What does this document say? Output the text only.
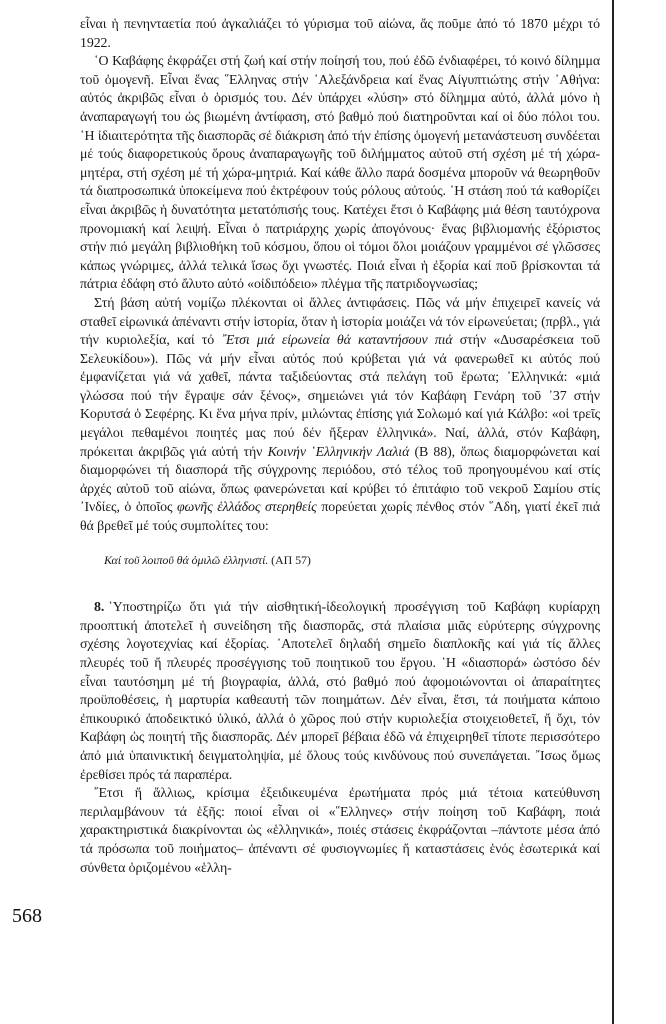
568

εἶναι ἡ πενηνταετία πού ἀγκαλιάζει τό γύρισμα τοῦ αἰώνα, ἄς ποῦμε ἀπό τό 1870 μέχρι τό 1922.

῾Ο Καβάφης ἐκφράζει στή ζωή καί στήν ποίησή του, πού ἐδῶ ἐνδιαφέρει, τό κοινό δίλημμα τοῦ ὁμογενῆ. Εἶναι ἕνας ῞Ελληνας στήν ᾿Αλεξάνδρεια καί ἕνας Αἰγυπτιώτης στήν ᾿Αθήνα: αὐτός ἀκριβῶς εἶναι ὁ ὁρισμός του. Δέν ὑπάρχει «λύση» στό δίλημμα αὐτό, ἀλλά μόνο ἡ ἀναπαραγωγή του ὡς βιωμένη ἀντίφαση, στό βαθμό πού διατηροῦνται καί οἱ δύο πόλοι του. ῾Η ἰδιαιτερότητα τῆς διασπορᾶς σέ διάκριση ἀπό τήν ἐπίσης ὁμογενή μετανάστευση συνδέεται μέ τούς διαφορετικούς ὅρους ἀναπαραγωγῆς τοῦ διλήμματος αὐτοῦ στή σχέση μέ τή χώρα-μητέρα, στή σχέση μέ τή χώρα-μητριά. Καί κάθε ἄλλο παρά δοσμένα μποροῦν νά θεωρηθοῦν τά διαπροσωπικά ὑποκείμενα πού ἐκτρέφουν τούς ρόλους αὐτούς. ῾Η στάση πού τά καθορίζει εἶναι ἀκριβῶς ἡ δυνατότητα μετατόπισής τους. Κατέχει ἔτσι ὁ Καβάφης μιά θέση ταυτόχρονα προνομιακή καί λειψή. Εἶναι ὁ πατριάρχης χωρίς ἀπογόνους· ἕνας βιβλιομανής ἐξόριστος στήν πιό μεγάλη βιβλιοθήκη τοῦ κόσμου, ὅπου οἱ τόμοι ὅλοι μοιάζουν γραμμένοι σέ γλῶσσες κάπως γνώριμες, ἀλλά τελικά ἴσως ὄχι γνωστές. Ποιά εἶναι ἡ ἐξορία καί ποῦ βρίσκονται τά πάτρια ἐδάφη στό ἄλυτο αὐτό «οἰδιπόδειο» πλέγμα τῆς πατριδογνωσίας;

Στή βάση αὐτή νομίζω πλέκονται οἱ ἄλλες ἀντιφάσεις. Πῶς νά μήν ἐπιχειρεῖ κανείς νά σταθεῖ εἰρωνικά ἀπέναντι στήν ἱστορία, ὅταν ἡ ἱστορία μοιάζει νά τόν εἰρωνεύεται; (πρβλ., γιά τήν κυριολεξία, καί τό ῎Ετσι μιά εἰρωνεία θά καταντήσουν πιά στήν «Δυσαρέσκεια τοῦ Σελευκίδου»). Πῶς νά μήν εἶναι αὐτός πού κρύβεται γιά νά φανερωθεῖ κι αὐτός πού ἐμφανίζεται γιά νά χαθεῖ, πάντα ταξιδεύοντας στά πελάγη τοῦ ἔρωτα; ᾿Ελληνικά: «μιά γλώσσα πού τήν ἔγραψε σάν ξένος», σημειώνει γιά τόν Καβάφη Γενάρη τοῦ ᾿37 στήν Κορυτσά ὁ Σεφέρης. Κι ἕνα μήνα πρίν, μιλώντας ἐπίσης γιά Σολωμό καί γιά Κάλβο: «οἱ τρεῖς μεγάλοι πεθαμένοι ποιητές μας πού δέν ἤξεραν ἑλληνικά». Ναί, ἀλλά, στόν Καβάφη, πρόκειται ἀκριβῶς γιά αὐτή τήν Κοινήν ῾Ελληνικήν Λαλιά (Β 88), ὅπως διαμορφώνεται καί διαμορφώνει τή διασπορά τῆς σύγχρονης περιόδου, στό τέλος τοῦ προηγουμένου καί στίς ἀρχές αὐτοῦ τοῦ αἰώνα, ὅπως φανερώνεται καί κρύβει τό ἐπιτάφιο τοῦ νεκροῦ Σαμίου στίς ᾿Ινδίες, ὁ ὁποῖος φωνῆς ἑλλάδος στερηθείς πορεύεται χωρίς πένθος στόν ῞Αδη, γιατί ἐκεῖ πιά θά βρεθεῖ μέ τούς συμπολίτες του:

Καί τοῦ λοιποῦ θά ὁμιλῶ ἑλληνιστί. (ΑΠ 57)

8. ῾Υποστηρίζω ὅτι γιά τήν αἰσθητική-ἰδεολογική προσέγγιση τοῦ Καβάφη κυρίαρχη προοπτική ἀποτελεῖ ἡ συνείδηση τῆς διασπορᾶς, στά πλαίσια μιᾶς εὐρύτερης σύγχρονης σχέσης λογοτεχνίας καί ἐξορίας. ᾿Αποτελεῖ δηλαδή σημεῖο διαπλοκῆς καί γιά τίς ἄλλες πλευρές τοῦ ἤ πλευρές προσέγγισης τοῦ ποιητικοῦ του ἔργου. ῾Η «διασπορά» ὡστόσο δέν εἶναι ταυτόσημη μέ τή βιογραφία, ἀλλά, στό βαθμό πού ἀφομοιώνονται οἱ ἀπαραίτητες προϋποθέσεις, ἡ μαρτυρία καθεαυτή τῶν ποιημάτων. Δέν εἶναι, ἔτσι, τά ποιήματα κάποιο ἐπικουρικό ἀποδεικτικό ὑλικό, ἀλλά ὁ χῶρος πού στήν κυριολεξία στοιχειοθετεῖ, ἤ ὄχι, τόν Καβάφη ὡς ποιητή τῆς διασπορᾶς. Δέν μπορεῖ βέβαια ἐδῶ νά ἐπιχειρηθεῖ τίποτε περισσότερο ἀπό μιά ὑπαινικτική δειγματοληψία, μέ ὅλους τούς κινδύνους πού συνεπάγεται. ῎Ισως ὅμως ἐρεθίσει πρός τά παραπέρα.

῎Ετσι ἤ ἄλλιως, κρίσιμα ἐξειδικευμένα ἐρωτήματα πρός μιά τέτοια κατεύθυνση περιλαμβάνουν τά ἑξῆς: ποιοί εἶναι οἱ «῞Ελληνες» στήν ποίηση τοῦ Καβάφη, ποιά χαρακτηριστικά διακρίνονται ὡς «ἑλληνικά», ποιές στάσεις ἐκφράζονται –πάντοτε μέσα ἀπό τά πρόσωπα τοῦ ποιήματος– ἀπέναντι σέ φυσιογνωμίες ἤ καταστάσεις ἑνός ἑσωτερικά καί σύνθετα ὁριζομένου «ἑλλη-
